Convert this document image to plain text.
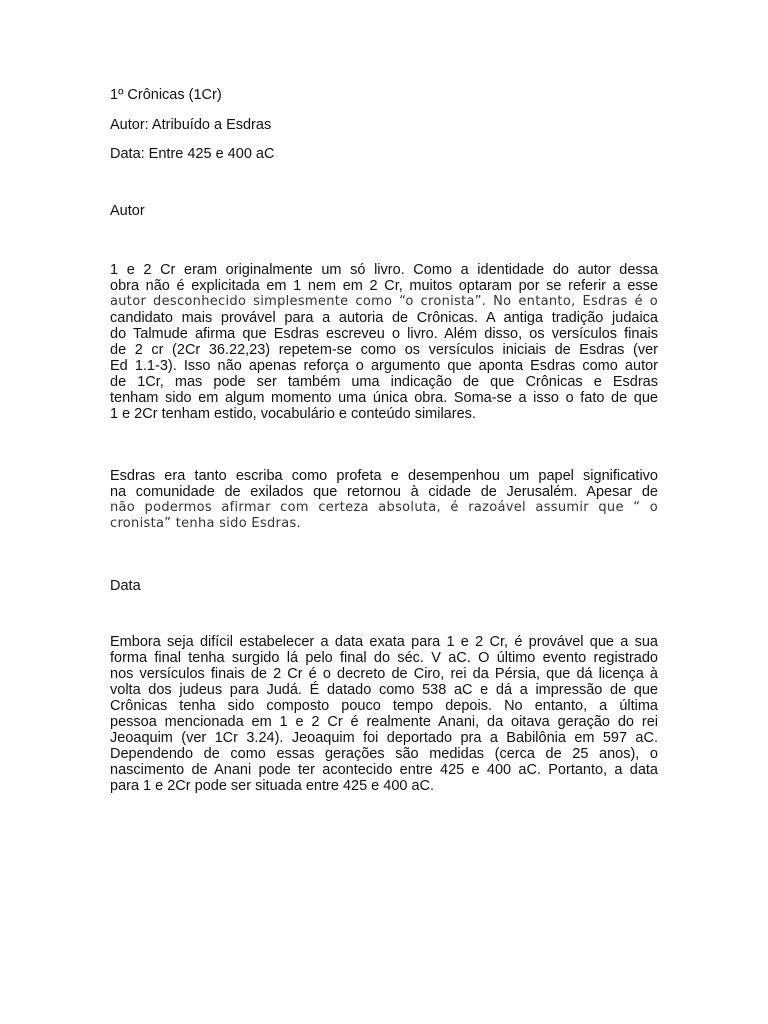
1º Crônicas (1Cr)

Autor: Atribuído a Esdras

Data: Entre 425 e 400 aC

Autor
1 e 2 Cr eram originalmente um só livro. Como a identidade do autor dessa
obra não é explicitada em 1 nem em 2 Cr, muitos optaram por se referir a esse
autor desconhecido simplesmente como “o cronista”. No entanto, Esdras é o
candidato mais provável para a autoria de Crônicas. A antiga tradição judaica
do Talmude afirma que Esdras escreveu o livro. Além disso, os versículos finais
de 2 cr (2Cr 36.22,23) repetem-se como os versículos iniciais de Esdras (ver
Ed 1.1-3). Isso não apenas reforça o argumento que aponta Esdras como autor
de 1Cr, mas pode ser também uma indicação de que Crônicas e Esdras
tenham sido em algum momento uma única obra. Soma-se a isso o fato de que
1 e 2Cr tenham estido, vocabulário e conteúdo similares.
Esdras era tanto escriba como profeta e desempenhou um papel significativo
na comunidade de exilados que retornou à cidade de Jerusalém. Apesar de
não podermos afirmar com certeza absoluta, é razoável assumir que “ o
cronista” tenha sido Esdras.
Data
Embora seja difícil estabelecer a data exata para 1 e 2 Cr, é provável que a sua
forma final tenha surgido lá pelo final do séc. V aC. O último evento registrado
nos versículos finais de 2 Cr é o decreto de Ciro, rei da Pérsia, que dá licença à
volta dos judeus para Judá. É datado como 538 aC e dá a impressão de que
Crônicas tenha sido composto pouco tempo depois. No entanto, a última
pessoa mencionada em 1 e 2 Cr é realmente Anani, da oitava geração do rei
Jeoaquim (ver 1Cr 3.24). Jeoaquim foi deportado pra a Babilônia em 597 aC.
Dependendo de como essas gerações são medidas (cerca de 25 anos), o
nascimento de Anani pode ter acontecido entre 425 e 400 aC. Portanto, a data
para 1 e 2Cr pode ser situada entre 425 e 400 aC.
